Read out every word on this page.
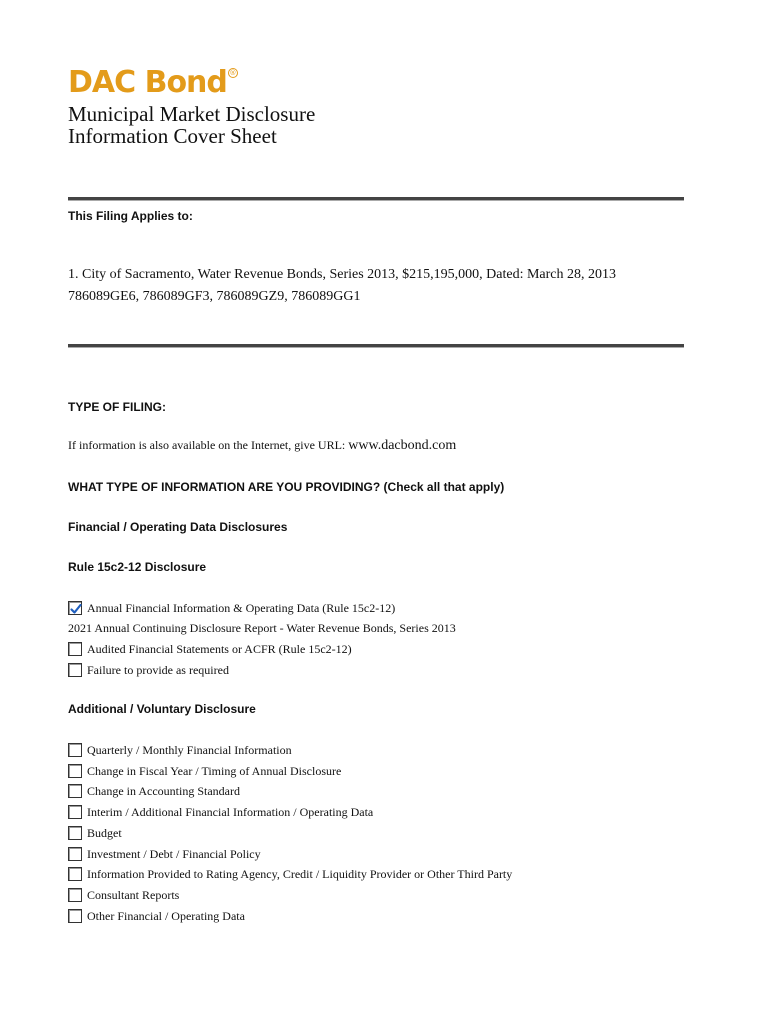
DAC Bond ®
Municipal Market Disclosure
Information Cover Sheet
This Filing Applies to:
1. City of Sacramento, Water Revenue Bonds, Series 2013, $215,195,000, Dated: March 28, 2013
786089GE6, 786089GF3, 786089GZ9, 786089GG1
TYPE OF FILING:
If information is also available on the Internet, give URL: www.dacbond.com
WHAT TYPE OF INFORMATION ARE YOU PROVIDING? (Check all that apply)
Financial / Operating Data Disclosures
Rule 15c2-12 Disclosure
Annual Financial Information & Operating Data (Rule 15c2-12)
2021 Annual Continuing Disclosure Report - Water Revenue Bonds, Series 2013
Audited Financial Statements or ACFR (Rule 15c2-12)
Failure to provide as required
Additional / Voluntary Disclosure
Quarterly / Monthly Financial Information
Change in Fiscal Year / Timing of Annual Disclosure
Change in Accounting Standard
Interim / Additional Financial Information / Operating Data
Budget
Investment / Debt / Financial Policy
Information Provided to Rating Agency, Credit / Liquidity Provider or Other Third Party
Consultant Reports
Other Financial / Operating Data
